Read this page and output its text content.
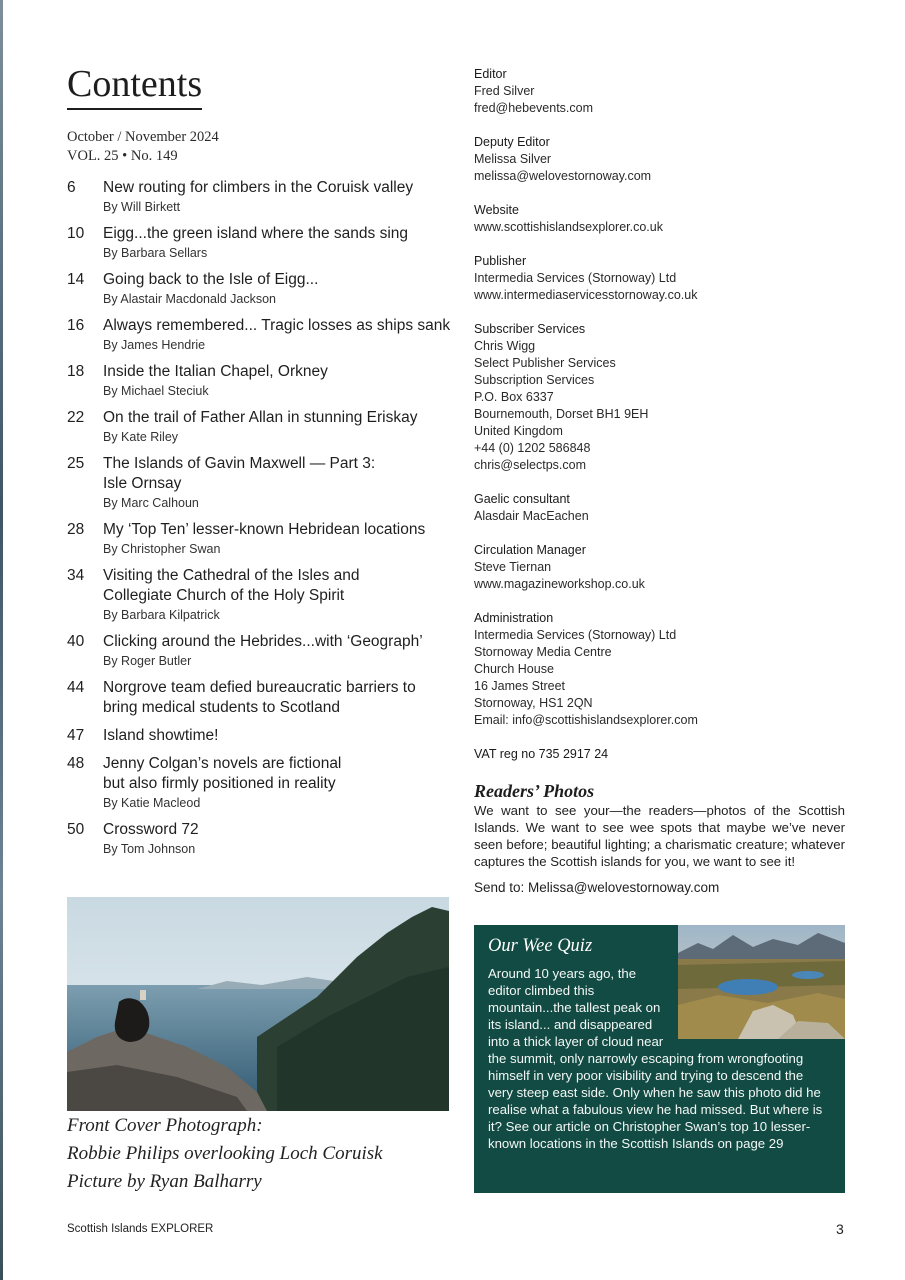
Contents
October / November 2024
VOL. 25 • No. 149
6	New routing for climbers in the Coruisk valley
By Will Birkett
10	Eigg...the green island where the sands sing
By Barbara Sellars
14	Going back to the Isle of Eigg...
By Alastair Macdonald Jackson
16	Always remembered... Tragic losses as ships sank
By James Hendrie
18	Inside the Italian Chapel, Orkney
By Michael Steciuk
22	On the trail of Father Allan in stunning Eriskay
By Kate Riley
25	The Islands of Gavin Maxwell — Part 3:
Isle Ornsay
By Marc Calhoun
28	My ‘Top Ten’ lesser-known Hebridean locations
By Christopher Swan
34	Visiting the Cathedral of the Isles and
Collegiate Church of the Holy Spirit
By Barbara Kilpatrick
40	Clicking around the Hebrides...with ‘Geograph’
By Roger Butler
44	Norgrove team defied bureaucratic barriers to
bring medical students to Scotland
47	Island showtime!
48	Jenny Colgan’s novels are fictional
but also firmly positioned in reality
By Katie Macleod
50	Crossword 72
By Tom Johnson
Front Cover Photograph:
Robbie Philips overlooking Loch Coruisk
Picture by Ryan Balharry
Editor
Fred Silver
fred@hebevents.com
Deputy Editor
Melissa Silver
melissa@welovestornoway.com
Website
www.scottishislandsexplorer.co.uk
Publisher
Intermedia Services (Stornoway) Ltd
www.intermediaservicesstornoway.co.uk
Subscriber Services
Chris Wigg
Select Publisher Services
Subscription Services
P.O. Box 6337
Bournemouth, Dorset BH1 9EH
United Kingdom
+44 (0) 1202 586848
chris@selectps.com
Gaelic consultant
Alasdair MacEachen
Circulation Manager
Steve Tiernan
www.magazineworkshop.co.uk
Administration
Intermedia Services (Stornoway) Ltd
Stornoway Media Centre
Church House
16 James Street
Stornoway, HS1 2QN
Email: info@scottishislandsexplorer.com
VAT reg no 735 2917 24
Readers’ Photos

We want to see your—the readers—photos of the Scottish Islands. We want to see wee spots that maybe we’ve never seen before; beautiful lighting; a charismatic creature; whatever captures the Scottish islands for you, we want to see it!

Send to: Melissa@welovestornoway.com
Our Wee Quiz

Around 10 years ago, the editor climbed this mountain...the tallest peak on its island... and disappeared into a thick layer of cloud near the summit, only narrowly escaping from wrongfooting himself in very poor visibility and trying to descend the very steep east side. Only when he saw this photo did he realise what a fabulous view he had missed. But where is it? See our article on Christopher Swan’s top 10 lesser-known locations in the Scottish Islands on page 29

Scottish Islands EXPLORER	3
